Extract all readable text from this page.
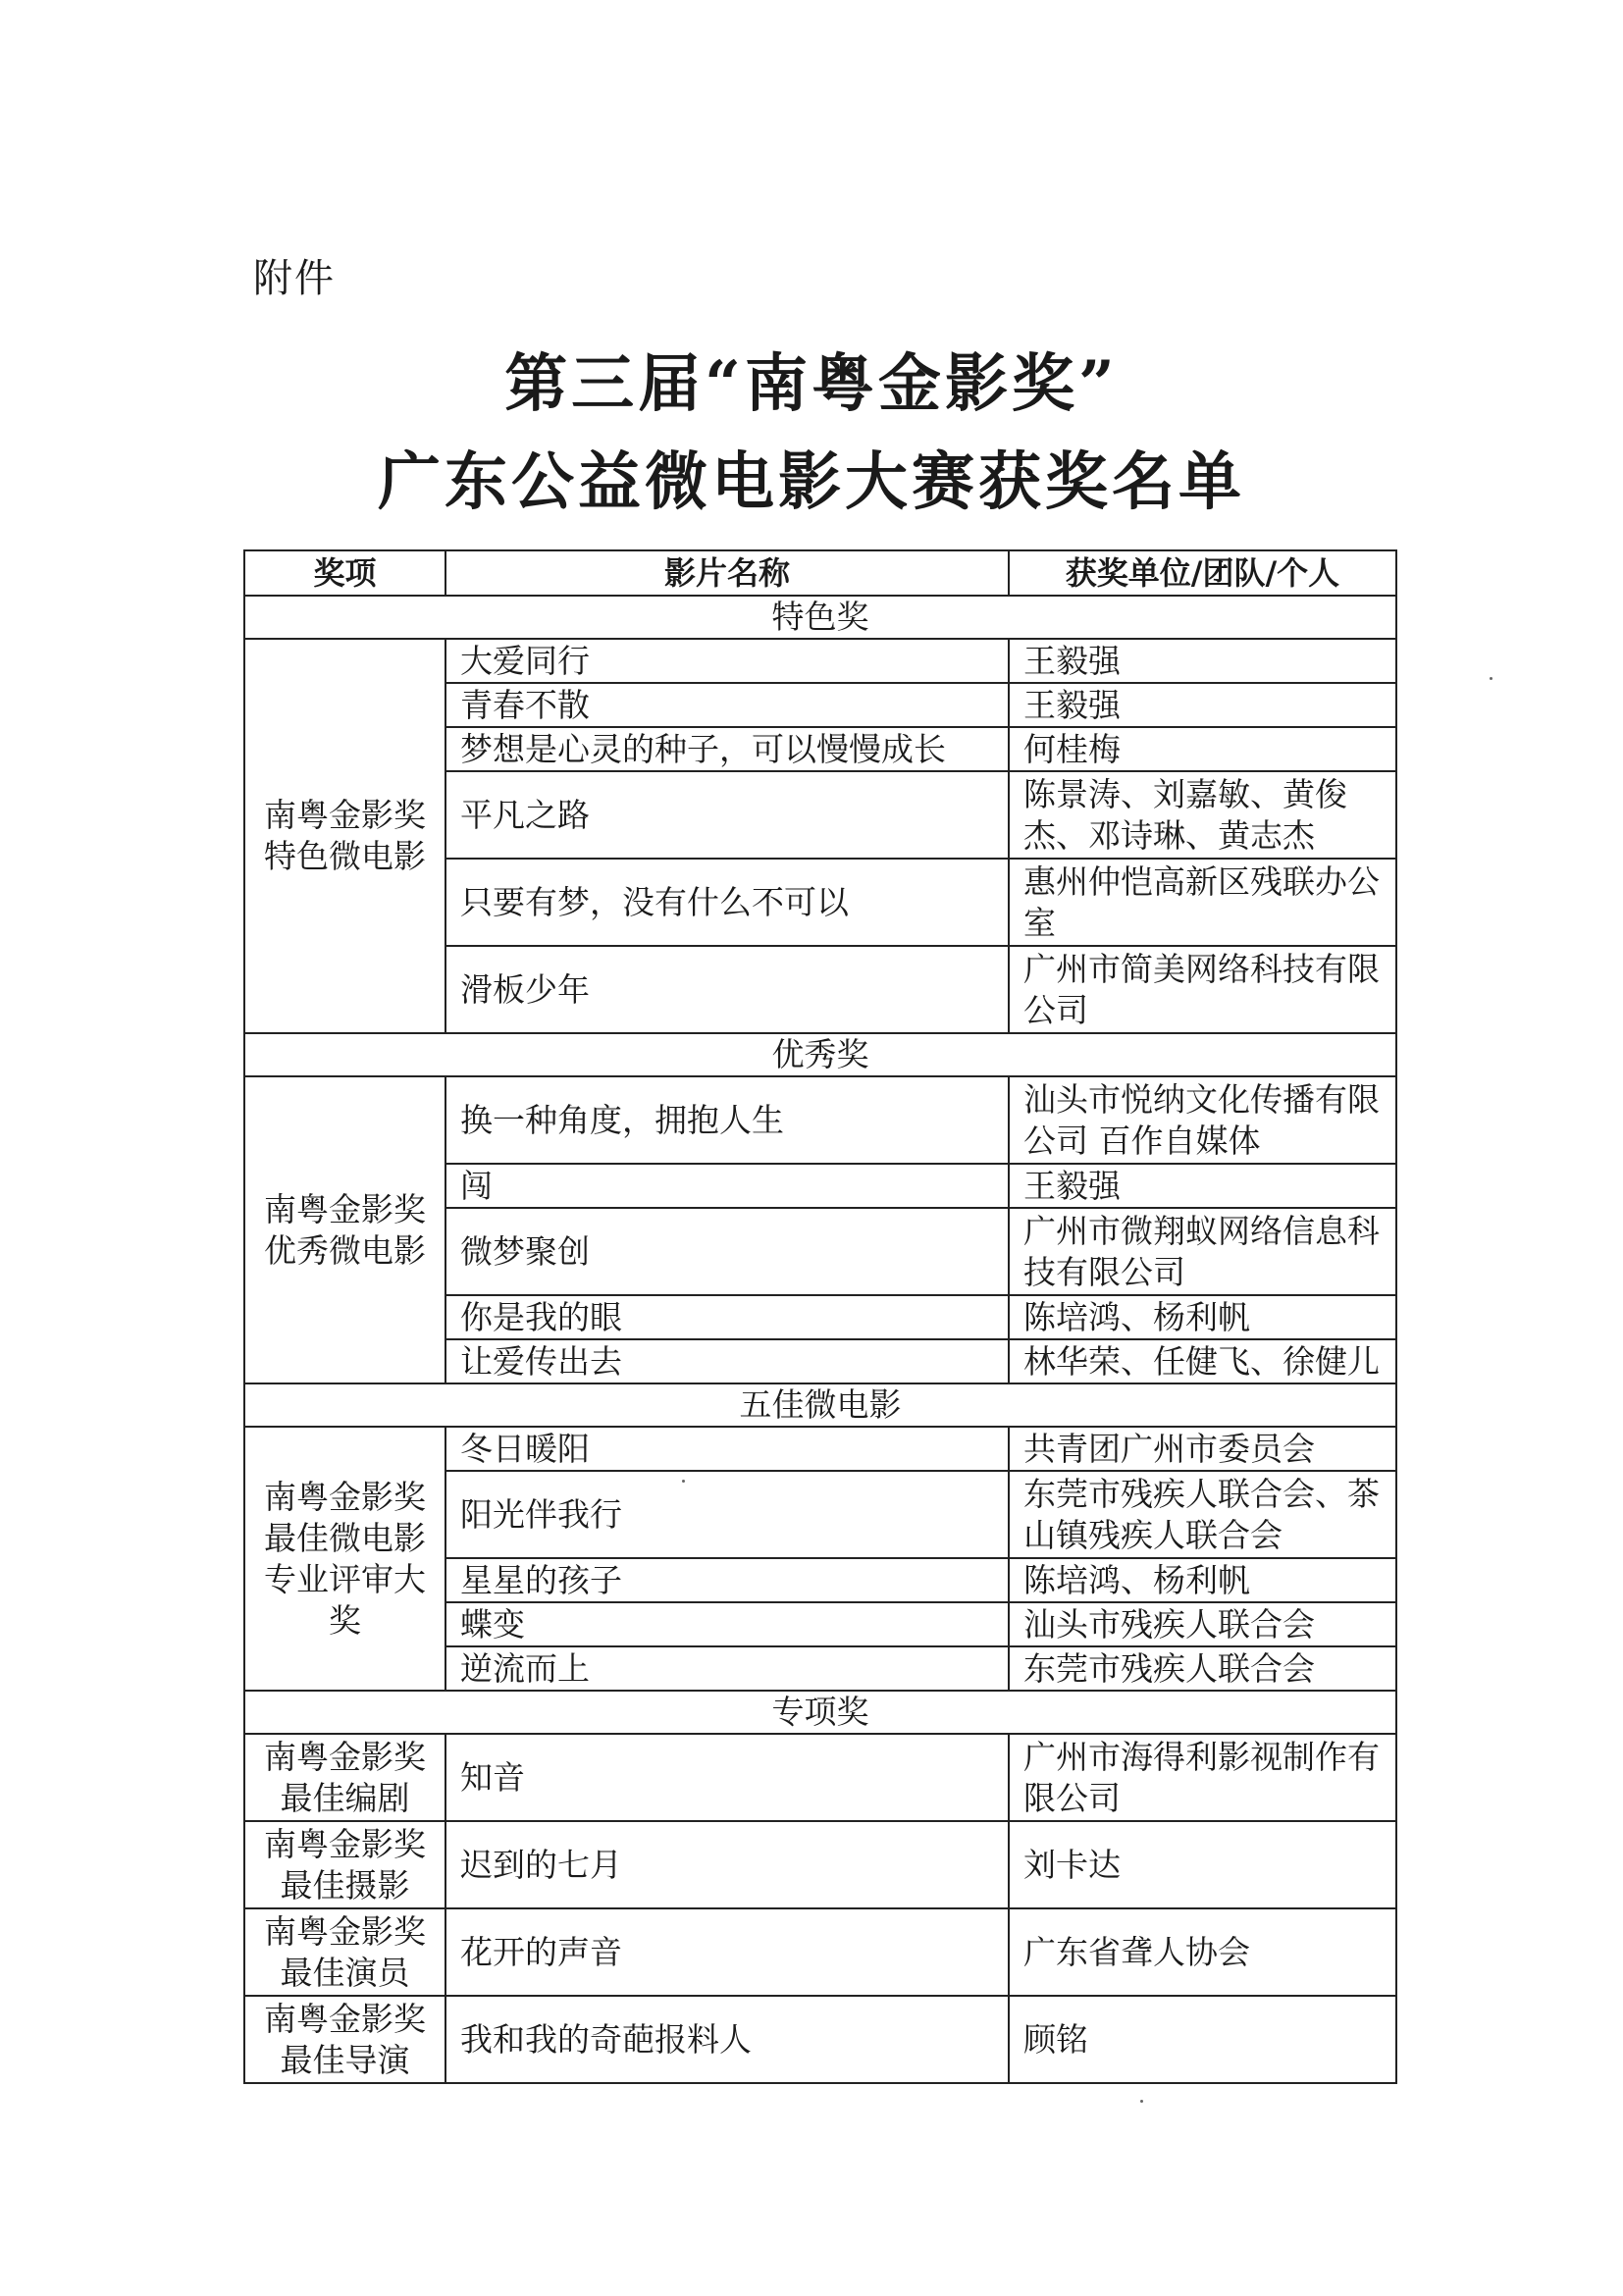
附件
第三届“南粤金影奖”
广东公益微电影大赛获奖名单
奖项	影片名称	获奖单位/团队/个人
特色奖		
南粤金影奖特色微电影	大爱同行	王毅强
	青春不散	王毅强
	梦想是心灵的种子，可以慢慢成长	何桂梅
	平凡之路	陈景涛、刘嘉敏、黄俊杰、邓诗琳、黄志杰
	只要有梦，没有什么不可以	惠州仲恺高新区残联办公室
	滑板少年	广州市简美网络科技有限公司
优秀奖		
南粤金影奖优秀微电影	换一种角度，拥抱人生	汕头市悦纳文化传播有限公司 百作自媒体
	闯	王毅强
	微梦聚创	广州市微翔蚁网络信息科技有限公司
	你是我的眼	陈培鸿、杨利帆
	让爱传出去	林华荣、任健飞、徐健儿
五佳微电影		
南粤金影奖最佳微电影专业评审大奖	冬日暖阳	共青团广州市委员会
	阳光伴我行	东莞市残疾人联合会、茶山镇残疾人联合会
	星星的孩子	陈培鸿、杨利帆
	蝶变	汕头市残疾人联合会
	逆流而上	东莞市残疾人联合会
专项奖		
南粤金影奖最佳编剧	知音	广州市海得利影视制作有限公司
南粤金影奖最佳摄影	迟到的七月	刘卡达
南粤金影奖最佳演员	花开的声音	广东省聋人协会
南粤金影奖最佳导演	我和我的奇葩报料人	顾铭
